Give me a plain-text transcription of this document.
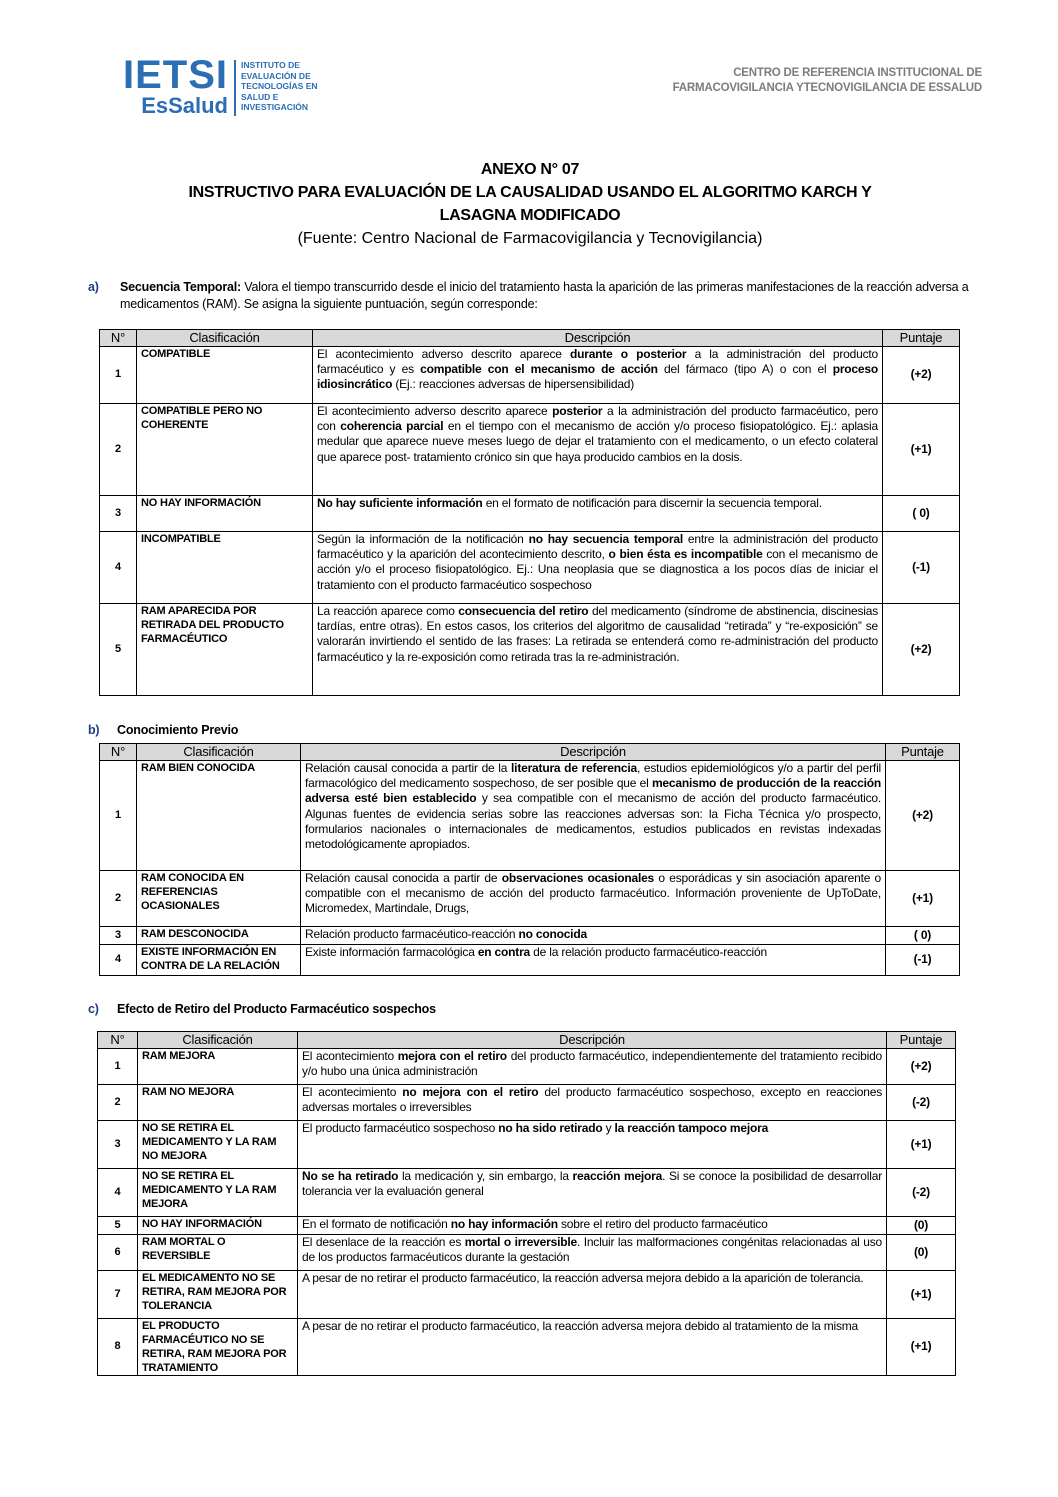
IETSI
EsSalud
INSTITUTO DE
EVALUACIÓN DE
TECNOLOGÍAS EN
SALUD E
INVESTIGACIÓN
CENTRO DE REFERENCIA INSTITUCIONAL DE
FARMACOVIGILANCIA YTECNOVIGILANCIA DE ESSALUD
ANEXO N° 07
INSTRUCTIVO PARA EVALUACIÓN DE LA CAUSALIDAD USANDO EL ALGORITMO KARCH Y
LASAGNA MODIFICADO
(Fuente: Centro Nacional de Farmacovigilancia y Tecnovigilancia)
a) Secuencia Temporal: Valora el tiempo transcurrido desde el inicio del tratamiento hasta la aparición de las primeras manifestaciones de la reacción adversa a medicamentos (RAM). Se asigna la siguiente puntuación, según corresponde:
N°	Clasificación	Descripción	Puntaje
1	COMPATIBLE	El acontecimiento adverso descrito aparece durante o posterior a la administración del producto farmacéutico y es compatible con el mecanismo de acción del fármaco (tipo A) o con el proceso idiosincrático (Ej.: reacciones adversas de hipersensibilidad)	(+2)
2	COMPATIBLE PERO NO COHERENTE	El acontecimiento adverso descrito aparece posterior a la administración del producto farmacéutico, pero con coherencia parcial en el tiempo con el mecanismo de acción y/o proceso fisiopatológico. Ej.: aplasia medular que aparece nueve meses luego de dejar el tratamiento con el medicamento, o un efecto colateral que aparece post- tratamiento crónico sin que haya producido cambios en la dosis.	(+1)
3	NO HAY INFORMACIÓN	No hay suficiente información en el formato de notificación para discernir la secuencia temporal.	( 0)
4	INCOMPATIBLE	Según la información de la notificación no hay secuencia temporal entre la administración del producto farmacéutico y la aparición del acontecimiento descrito, o bien ésta es incompatible con el mecanismo de acción y/o el proceso fisiopatológico. Ej.: Una neoplasia que se diagnostica a los pocos días de iniciar el tratamiento con el producto farmacéutico sospechoso	(-1)
5	RAM APARECIDA POR RETIRADA DEL PRODUCTO FARMACÉUTICO	La reacción aparece como consecuencia del retiro del medicamento (síndrome de abstinencia, discinesias tardías, entre otras). En estos casos, los criterios del algoritmo de causalidad “retirada” y “re-exposición” se valorarán invirtiendo el sentido de las frases: La retirada se entenderá como re-administración del producto farmacéutico y la re-exposición como retirada tras la re-administración.	(+2)
b) Conocimiento Previo
N°	Clasificación	Descripción	Puntaje
1	RAM BIEN CONOCIDA	Relación causal conocida a partir de la literatura de referencia, estudios epidemiológicos y/o a partir del perfil farmacológico del medicamento sospechoso, de ser posible que el mecanismo de producción de la reacción adversa esté bien establecido y sea compatible con el mecanismo de acción del producto farmacéutico. Algunas fuentes de evidencia serias sobre las reacciones adversas son: la Ficha Técnica y/o prospecto, formularios nacionales o internacionales de medicamentos, estudios publicados en revistas indexadas metodológicamente apropiados.	(+2)
2	RAM CONOCIDA EN REFERENCIAS OCASIONALES	Relación causal conocida a partir de observaciones ocasionales o esporádicas y sin asociación aparente o compatible con el mecanismo de acción del producto farmacéutico. Información proveniente de UpToDate, Micromedex, Martindale, Drugs,	(+1)
3	RAM DESCONOCIDA	Relación producto farmacéutico-reacción no conocida	( 0)
4	EXISTE INFORMACIÓN EN CONTRA DE LA RELACIÓN	Existe información farmacológica en contra de la relación producto farmacéutico-reacción	(-1)
c) Efecto de Retiro del Producto Farmacéutico sospechos
N°	Clasificación	Descripción	Puntaje
1	RAM MEJORA	El acontecimiento mejora con el retiro del producto farmacéutico, independientemente del tratamiento recibido y/o hubo una única administración	(+2)
2	RAM NO MEJORA	El acontecimiento no mejora con el retiro del producto farmacéutico sospechoso, excepto en reacciones adversas mortales o irreversibles	(-2)
3	NO SE RETIRA EL MEDICAMENTO Y LA RAM NO MEJORA	El producto farmacéutico sospechoso no ha sido retirado y la reacción tampoco mejora	(+1)
4	NO SE RETIRA EL MEDICAMENTO Y LA RAM MEJORA	No se ha retirado la medicación y, sin embargo, la reacción mejora. Si se conoce la posibilidad de desarrollar tolerancia ver la evaluación general	(-2)
5	NO HAY INFORMACIÓN	En el formato de notificación no hay información sobre el retiro del producto farmacéutico	(0)
6	RAM MORTAL O REVERSIBLE	El desenlace de la reacción es mortal o irreversible. Incluir las malformaciones congénitas relacionadas al uso de los productos farmacéuticos durante la gestación	(0)
7	EL MEDICAMENTO NO SE RETIRA, RAM MEJORA POR TOLERANCIA	A pesar de no retirar el producto farmacéutico, la reacción adversa mejora debido a la aparición de tolerancia.	(+1)
8	EL PRODUCTO FARMACÉUTICO NO SE RETIRA, RAM MEJORA POR TRATAMIENTO	A pesar de no retirar el producto farmacéutico, la reacción adversa mejora debido al tratamiento de la misma	(+1)
